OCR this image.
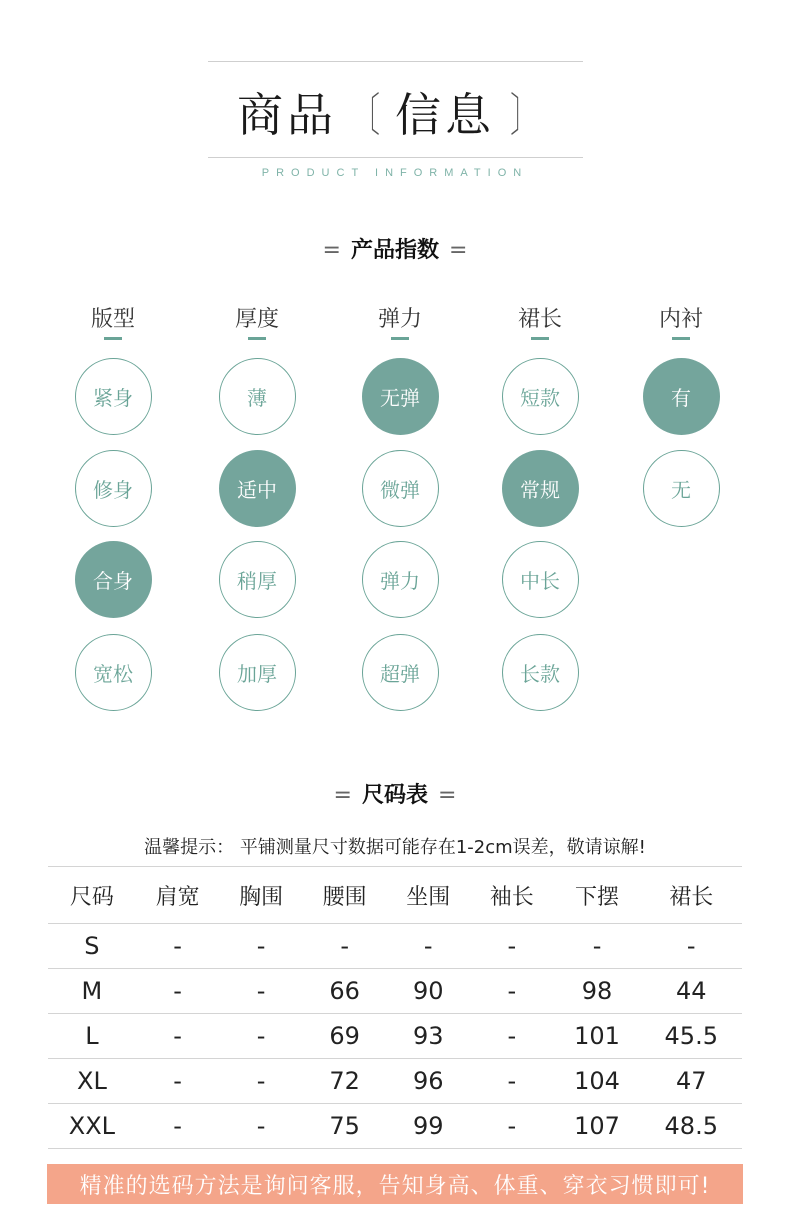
商品 〔 信息 〕
PRODUCT INFORMATION
= 产品指数 =
版型
紧身
修身
合身
宽松
厚度
薄
适中
稍厚
加厚
弹力
无弹
微弹
弹力
超弹
裙长
短款
常规
中长
长款
内衬
有
无
= 尺码表 =
温馨提示： 平铺测量尺寸数据可能存在1-2cm误差，敬请谅解!
尺码	肩宽	胸围	腰围	坐围	袖长	下摆	裙长
S	-	-	-	-	-	-	-
M	-	-	66	90	-	98	44
L	-	-	69	93	-	101	45.5
XL	-	-	72	96	-	104	47
XXL	-	-	75	99	-	107	48.5
精准的选码方法是询问客服，告知身高、体重、穿衣习惯即可!
